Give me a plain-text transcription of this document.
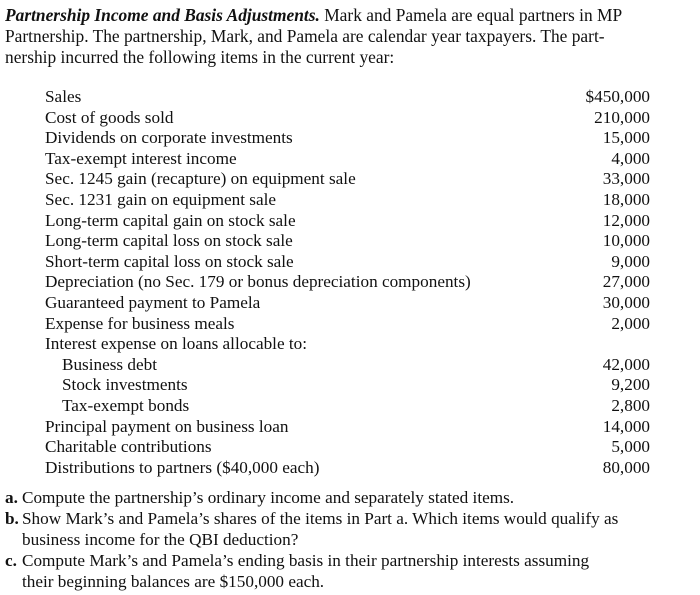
Partnership Income and Basis Adjustments. Mark and Pamela are equal partners in MP
Partnership. The partnership, Mark, and Pamela are calendar year taxpayers. The part-
nership incurred the following items in the current year:
Sales	$450,000
Cost of goods sold	210,000
Dividends on corporate investments	15,000
Tax-exempt interest income	4,000
Sec. 1245 gain (recapture) on equipment sale	33,000
Sec. 1231 gain on equipment sale	18,000
Long-term capital gain on stock sale	12,000
Long-term capital loss on stock sale	10,000
Short-term capital loss on stock sale	9,000
Depreciation (no Sec. 179 or bonus depreciation components)	27,000
Guaranteed payment to Pamela	30,000
Expense for business meals	2,000
Interest expense on loans allocable to:
Business debt	42,000
Stock investments	9,200
Tax-exempt bonds	2,800
Principal payment on business loan	14,000
Charitable contributions	5,000
Distributions to partners ($40,000 each)	80,000
a. Compute the partnership’s ordinary income and separately stated items.
b. Show Mark’s and Pamela’s shares of the items in Part a. Which items would qualify as
business income for the QBI deduction?
c. Compute Mark’s and Pamela’s ending basis in their partnership interests assuming
their beginning balances are $150,000 each.
